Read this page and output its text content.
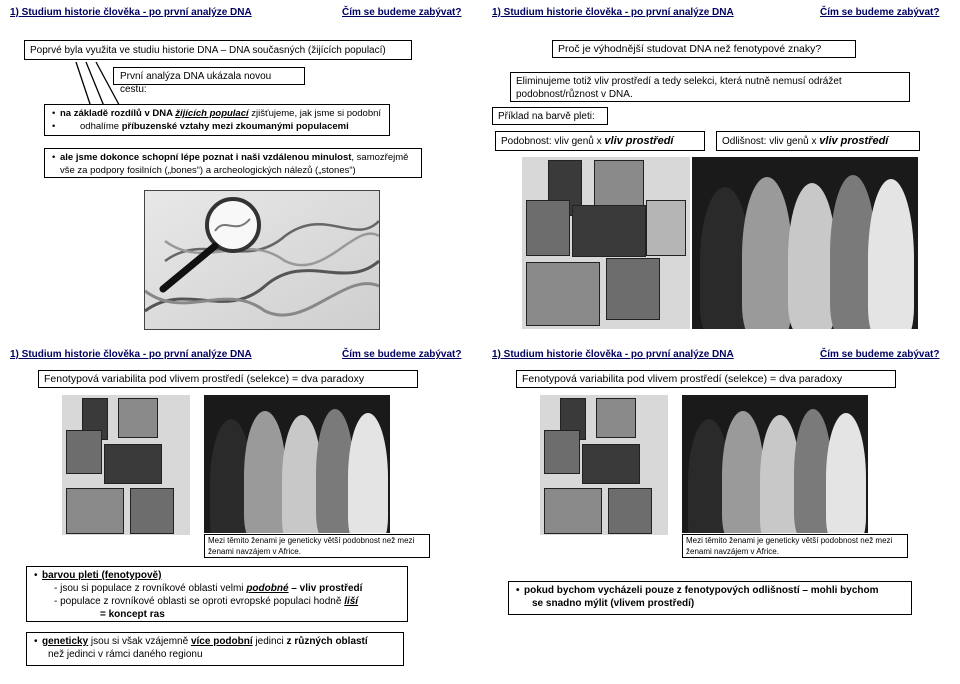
1) Studium historie člověka - po první analýze DNA	Čím se budeme zabývat?	1) Studium historie člověka - po první analýze DNA	Čím se budeme zabývat?
1) Studium historie člověka - po první analýze DNA	Čím se budeme zabývat?	1) Studium historie člověka - po první analýze DNA	Čím se budeme zabývat?
Poprvé byla využita ve studiu historie DNA – DNA současných (žijících populací)
První analýza DNA ukázala novou cestu:
• na základě rozdílů v DNA žijících populací zjišťujeme, jak jsme si podobní
• odhalíme příbuzenské vztahy mezi zkoumanými populacemi
• ale jsme dokonce schopní lépe poznat i naši vzdálenou minulost, samozřejmě
vše za podpory fosilních („bones“) a archeologických nálezů („stones“)
Proč je výhodnější studovat DNA než fenotypové znaky?
Eliminujeme totiž vliv prostředí a tedy selekci, která nutně nemusí odrážet podobnost/různost v DNA.
Příklad na barvě pleti:
Podobnost: vliv genů x vliv prostředí	Odlišnost: vliv genů x vliv prostředí
Fenotypová variabilita pod vlivem prostředí (selekce) = dva paradoxy
Mezi těmito ženami je geneticky větší podobnost než mezi ženami navzájem v Africe.
• barvou pleti (fenotypově)
- jsou si populace z rovníkové oblasti velmi podobné – vliv prostředí
- populace z rovníkové oblasti se oproti evropské populaci hodně liší
= koncept ras
• geneticky jsou si však vzájemně více podobní jedinci z různých oblastí
než jedinci v rámci daného regionu
Fenotypová variabilita pod vlivem prostředí (selekce) = dva paradoxy
Mezi těmito ženami je geneticky větší podobnost než mezi ženami navzájem v Africe.
• pokud bychom vycházeli pouze z fenotypových odlišností – mohli bychom
se snadno mýlit (vlivem prostředí)
